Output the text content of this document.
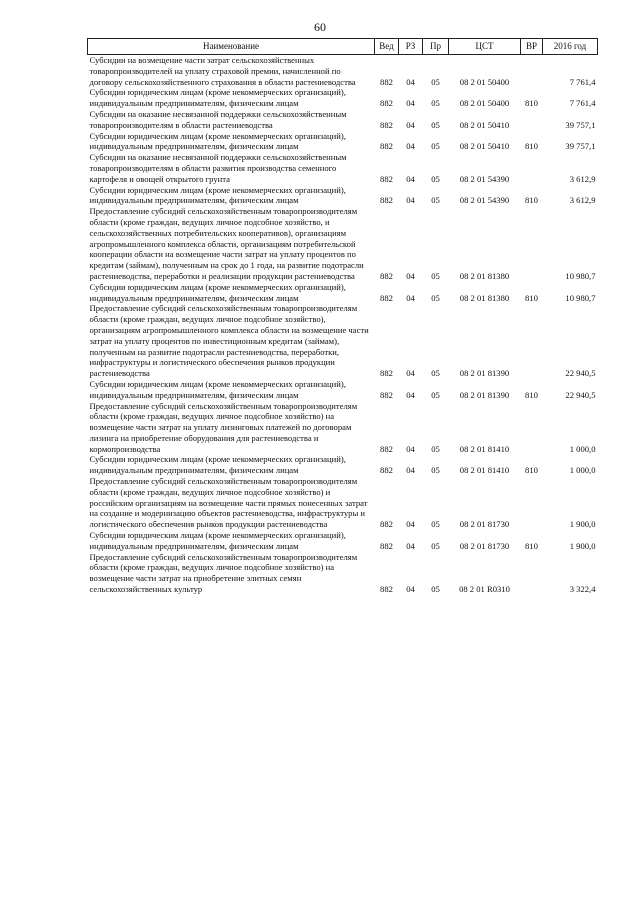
60
Наименование	Вед	РЗ	Пр	ЦСТ	ВР	2016 год
Субсидии на возмещение части затрат сельскохозяйственных товаропроизводителей на уплату страховой премии, начисленной по договору сельскохозяйственного страхования в области растениеводства	882	04	05	08 2 01 50400		7 761,4
Субсидии юридическим лицам (кроме некоммерческих организаций), индивидуальным предпринимателям, физическим лицам	882	04	05	08 2 01 50400	810	7 761,4
Субсидии на оказание несвязанной поддержки сельскохозяйственным товаропроизводителям в области растениеводства	882	04	05	08 2 01 50410		39 757,1
Субсидии юридическим лицам (кроме некоммерческих организаций), индивидуальным предпринимателям, физическим лицам	882	04	05	08 2 01 50410	810	39 757,1
Субсидии на оказание несвязанной поддержки сельскохозяйственным товаропроизводителям в области развития производства семенного картофеля и овощей открытого грунта	882	04	05	08 2 01 54390		3 612,9
Субсидии юридическим лицам (кроме некоммерческих организаций), индивидуальным предпринимателям, физическим лицам	882	04	05	08 2 01 54390	810	3 612,9
Предоставление субсидий сельскохозяйственным товаропроизводителям области (кроме граждан, ведущих личное подсобное хозяйство, и сельскохозяйственных потребительских кооперативов), организациям агропромышленного комплекса области, организациям потребительской кооперации области на возмещение части затрат на уплату процентов по кредитам (займам), полученным на срок до 1 года, на развитие подотрасли растениеводства, переработки и реализации продукции растениеводства	882	04	05	08 2 01 81380		10 980,7
Субсидии юридическим лицам (кроме некоммерческих организаций), индивидуальным предпринимателям, физическим лицам	882	04	05	08 2 01 81380	810	10 980,7
Предоставление субсидий сельскохозяйственным товаропроизводителям области (кроме граждан, ведущих личное подсобное хозяйство), организациям агропромышленного комплекса области на возмещение части затрат на уплату процентов по инвестиционным кредитам (займам), полученным на развитие подотрасли растениеводства, переработки, инфраструктуры и логистического обеспечения рынков продукции растениеводства	882	04	05	08 2 01 81390		22 940,5
Субсидии юридическим лицам (кроме некоммерческих организаций), индивидуальным предпринимателям, физическим лицам	882	04	05	08 2 01 81390	810	22 940,5
Предоставление субсидий сельскохозяйственным товаропроизводителям области (кроме граждан, ведущих личное подсобное хозяйство) на возмещение части затрат на уплату лизинговых платежей по договорам лизинга на приобретение оборудования для растениеводства и кормопроизводства	882	04	05	08 2 01 81410		1 000,0
Субсидии юридическим лицам (кроме некоммерческих организаций), индивидуальным предпринимателям, физическим лицам	882	04	05	08 2 01 81410	810	1 000,0
Предоставление субсидий сельскохозяйственным товаропроизводителям области (кроме граждан, ведущих личное подсобное хозяйство) и российским организациям на возмещение части прямых понесенных затрат на создание и модернизацию объектов растениеводства, инфраструктуры и логистического обеспечения рынков продукции растениеводства	882	04	05	08 2 01 81730		1 900,0
Субсидии юридическим лицам (кроме некоммерческих организаций), индивидуальным предпринимателям, физическим лицам	882	04	05	08 2 01 81730	810	1 900,0
Предоставление субсидий сельскохозяйственным товаропроизводителям области (кроме граждан, ведущих личное подсобное хозяйство) на возмещение части затрат на приобретение элитных семян сельскохозяйственных культур	882	04	05	08 2 01 R0310		3 322,4
